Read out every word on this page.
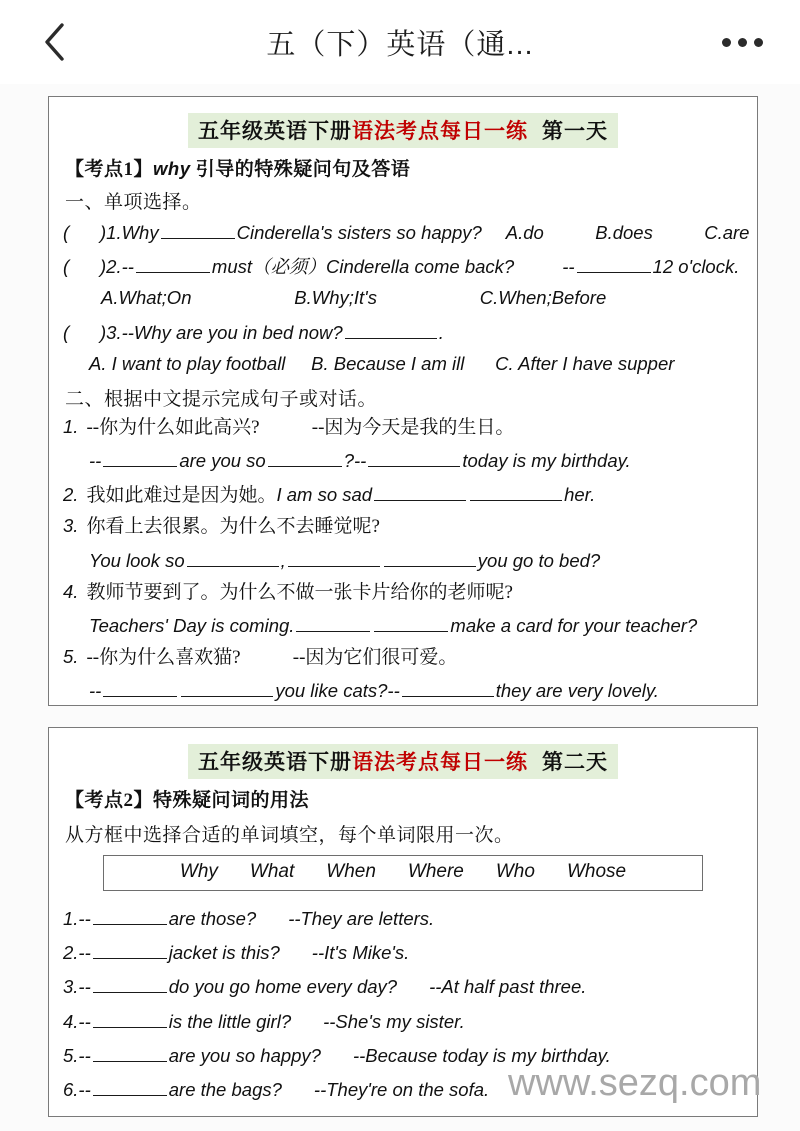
五（下）英语（通...
五年级英语下册语法考点每日一练 第一天
【考点1】why 引导的特殊疑问句及答语
一、单项选择。
(      )1.Why	Cinderella's sisters so happy? A.do          B.does          C.are
(      )2.--	must（必须）Cinderella come back?	--	12 o'clock.
A.What;On                    B.Why;It's                    C.When;Before
(      )3.--Why are you in bed now?	.
A. I want to play football     B. Because I am ill      C. After I have supper
二、根据中文提示完成句子或对话。
1. --你为什么如此高兴?           --因为今天是我的生日。
--	are you so	?--	today is my birthday.
2. 我如此难过是因为她。I am so sad	her.
3. 你看上去很累。为什么不去睡觉呢?
You look so	,	you go to bed?
4. 教师节要到了。为什么不做一张卡片给你的老师呢?
Teachers' Day is coming.	make a card for your teacher?
5. --你为什么喜欢猫?           --因为它们很可爱。
--	you like cats?--	they are very lovely.
五年级英语下册语法考点每日一练 第二天
【考点2】特殊疑问词的用法
从方框中选择合适的单词填空，每个单词限用一次。
Why What When Where Who Whose
1.--	are those? --They are letters.
2.--	jacket is this? --It's Mike's.
3.--	do you go home every day? --At half past three.
4.--	is the little girl? --She's my sister.
5.--	are you so happy? --Because today is my birthday.
6.--	are the bags? --They're on the sofa. www.sezq.com
